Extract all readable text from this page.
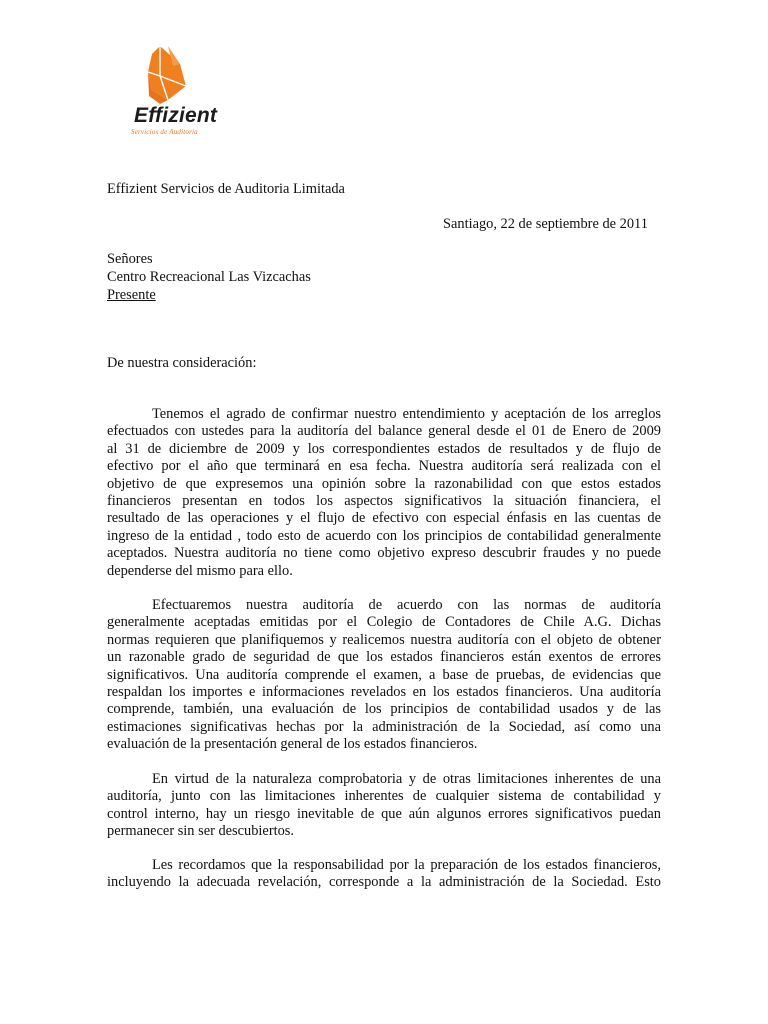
Effizient
Servicios de Auditoria
Effizient Servicios de Auditoria Limitada
Santiago, 22 de septiembre de 2011
Señores
Centro Recreacional Las Vizcachas
Presente
De nuestra consideración:
Tenemos el agrado de confirmar nuestro entendimiento y aceptación de los arreglos
efectuados con ustedes para la auditoría del balance general desde el 01 de Enero de 2009
al 31 de diciembre de 2009 y los correspondientes estados de resultados y de flujo de
efectivo por el año que terminará en esa fecha. Nuestra auditoría será realizada con el
objetivo de que expresemos una opinión sobre la razonabilidad con que estos estados
financieros presentan en todos los aspectos significativos la situación financiera, el
resultado de las operaciones y el flujo de efectivo con especial énfasis en las cuentas de
ingreso de la entidad , todo esto de acuerdo con los principios de contabilidad generalmente
aceptados. Nuestra auditoría no tiene como objetivo expreso descubrir fraudes y no puede
dependerse del mismo para ello.
Efectuaremos nuestra auditoría de acuerdo con las normas de auditoría
generalmente aceptadas emitidas por el Colegio de Contadores de Chile A.G. Dichas
normas requieren que planifiquemos y realicemos nuestra auditoría con el objeto de obtener
un razonable grado de seguridad de que los estados financieros están exentos de errores
significativos. Una auditoría comprende el examen, a base de pruebas, de evidencias que
respaldan los importes e informaciones revelados en los estados financieros. Una auditoría
comprende, también, una evaluación de los principios de contabilidad usados y de las
estimaciones significativas hechas por la administración de la Sociedad, así como una
evaluación de la presentación general de los estados financieros.
En virtud de la naturaleza comprobatoria y de otras limitaciones inherentes de una
auditoría, junto con las limitaciones inherentes de cualquier sistema de contabilidad y
control interno, hay un riesgo inevitable de que aún algunos errores significativos puedan
permanecer sin ser descubiertos.
Les recordamos que la responsabilidad por la preparación de los estados financieros,
incluyendo la adecuada revelación, corresponde a la administración de la Sociedad. Esto
